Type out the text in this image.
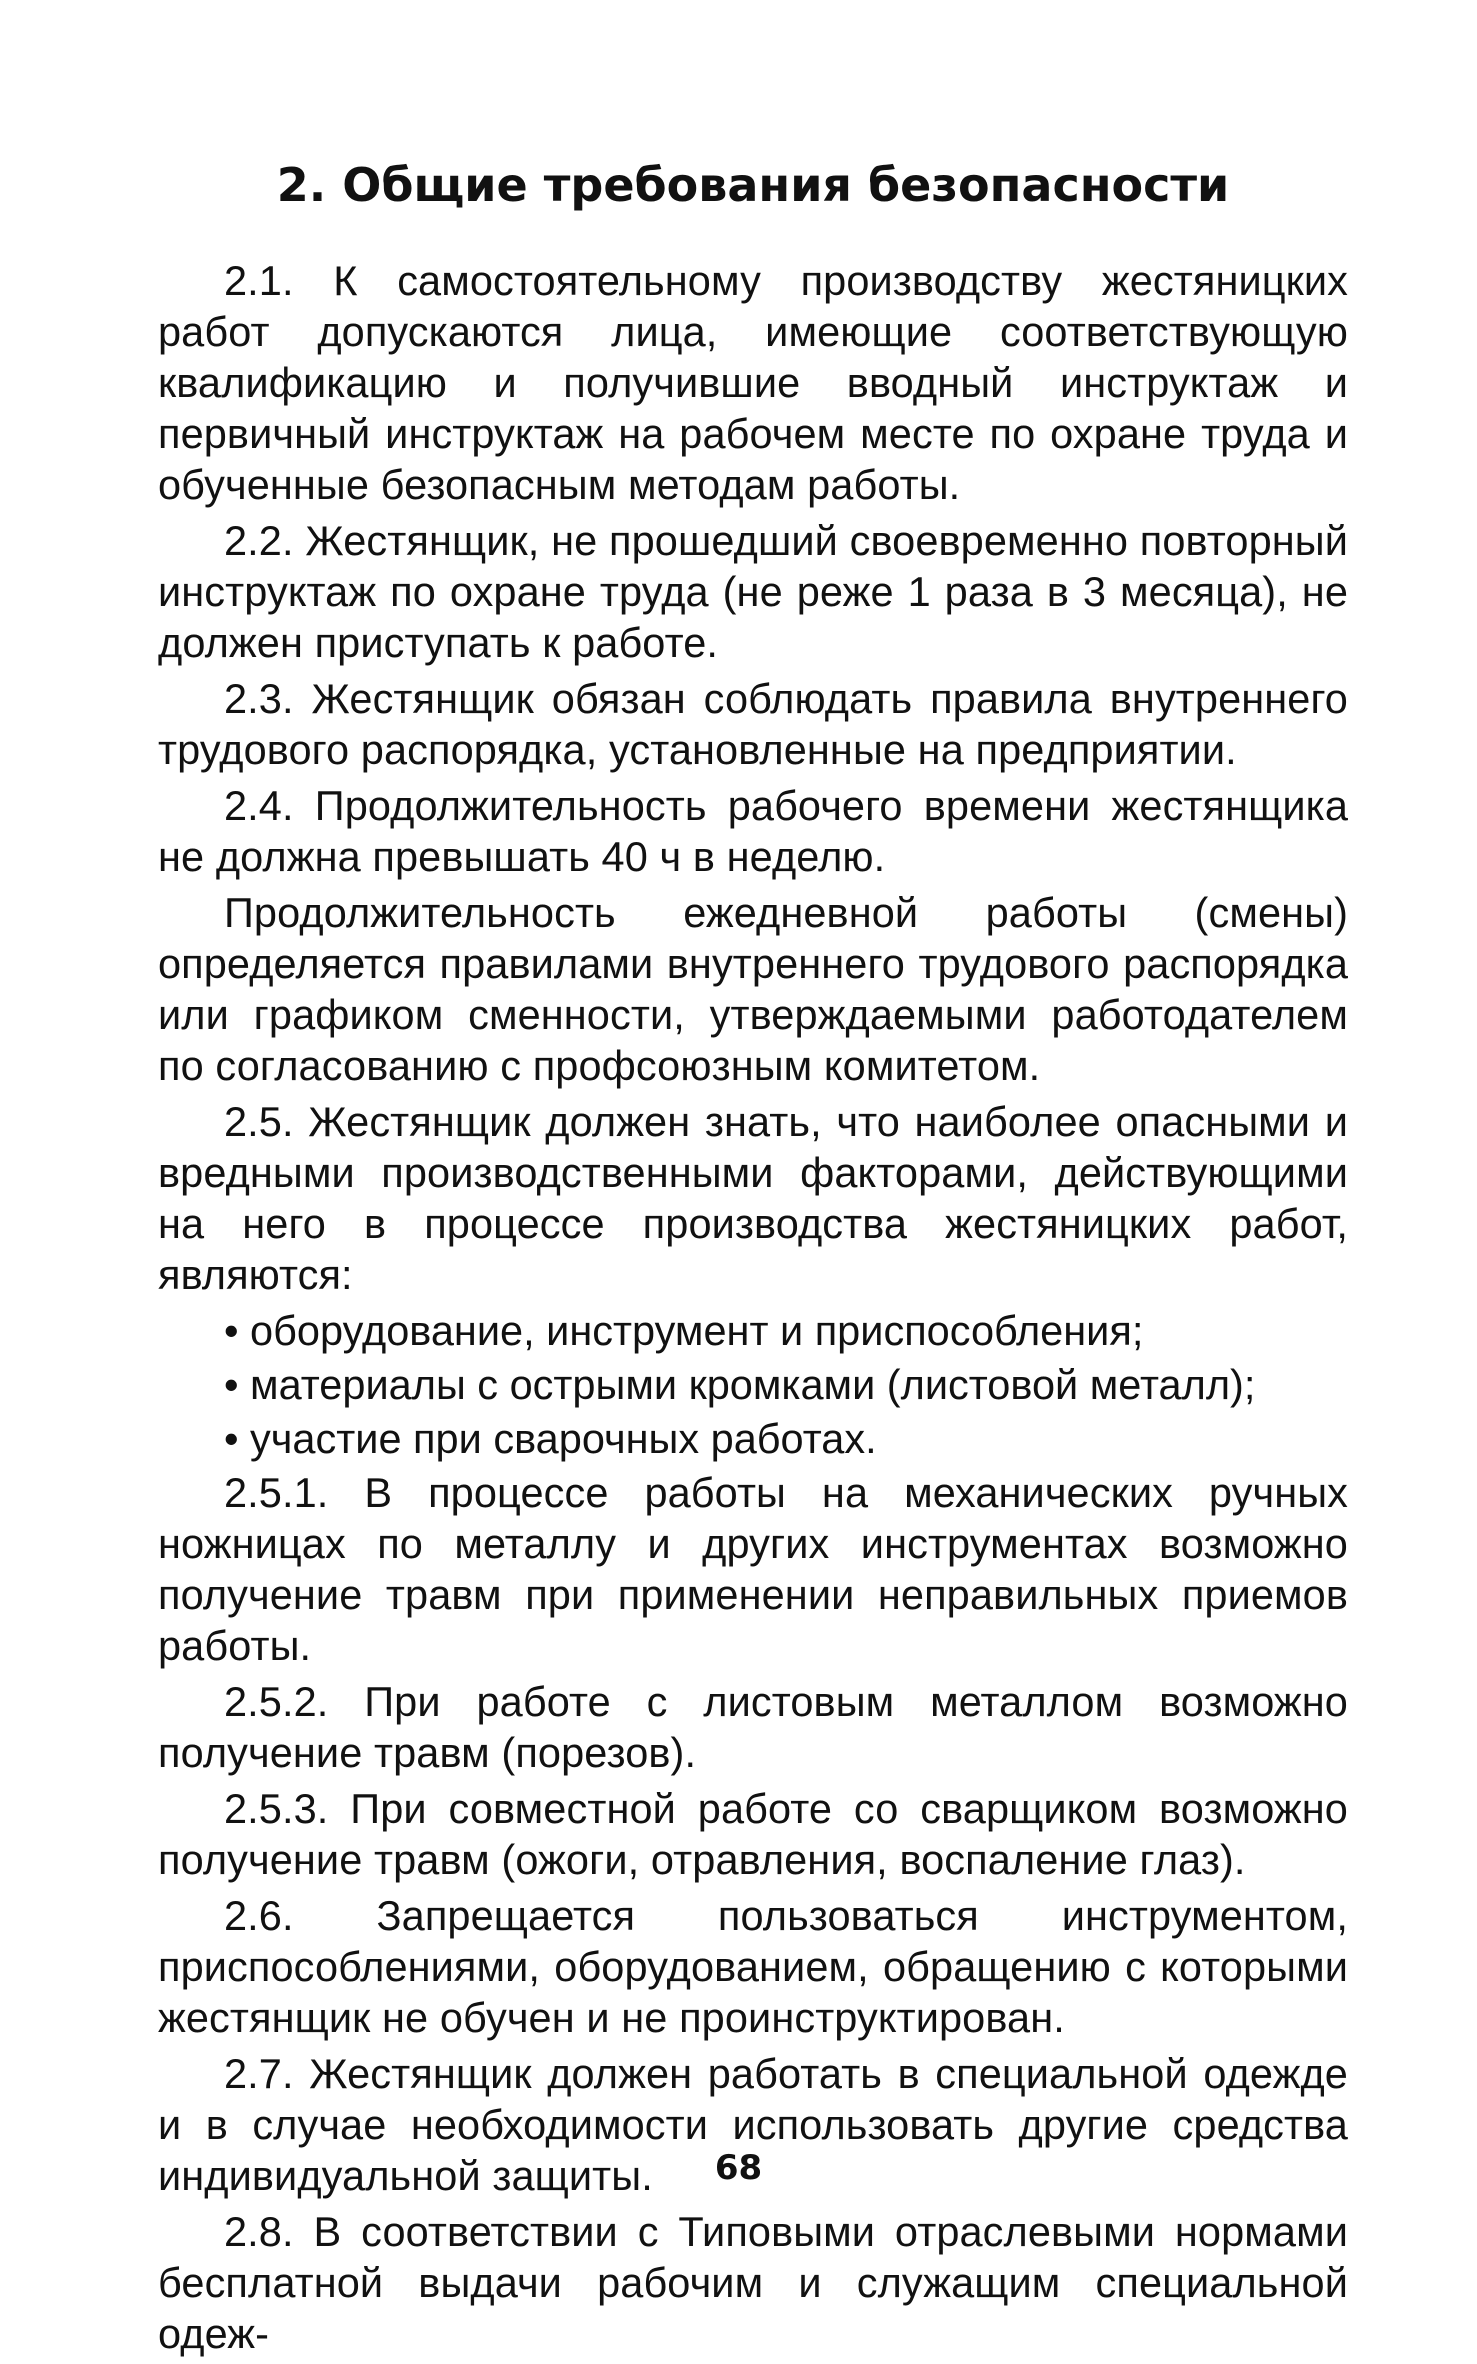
2. Общие требования безопасности

2.1. К самостоятельному производству жестяницких работ допускаются лица, имеющие соответствующую квалификацию и получившие вводный инструктаж и первичный инструктаж на рабочем месте по охране труда и обученные безопасным методам работы.

2.2. Жестянщик, не прошедший своевременно повторный инструктаж по охране труда (не реже 1 раза в 3 месяца), не должен приступать к работе.

2.3. Жестянщик обязан соблюдать правила внутреннего трудового распорядка, установленные на предприятии.

2.4. Продолжительность рабочего времени жестянщика не должна превышать 40 ч в неделю.

Продолжительность ежедневной работы (смены) определяется правилами внутреннего трудового распорядка или графиком сменности, утверждаемыми работодателем по согласованию с профсоюзным комитетом.

2.5. Жестянщик должен знать, что наиболее опасными и вредными производственными факторами, действующими на него в процессе производства жестяницких работ, являются:

• оборудование, инструмент и приспособления;
• материалы с острыми кромками (листовой металл);
• участие при сварочных работах.

2.5.1. В процессе работы на механических ручных ножницах по металлу и других инструментах возможно получение травм при применении неправильных приемов работы.

2.5.2. При работе с листовым металлом возможно получение травм (порезов).

2.5.3. При совместной работе со сварщиком возможно получение травм (ожоги, отравления, воспаление глаз).

2.6. Запрещается пользоваться инструментом, приспособлениями, оборудованием, обращению с которыми жестянщик не обучен и не проинструктирован.

2.7. Жестянщик должен работать в специальной одежде и в случае необходимости использовать другие средства индивидуальной защиты.

2.8. В соответствии с Типовыми отраслевыми нормами бесплатной выдачи рабочим и служащим специальной одеж-

68
